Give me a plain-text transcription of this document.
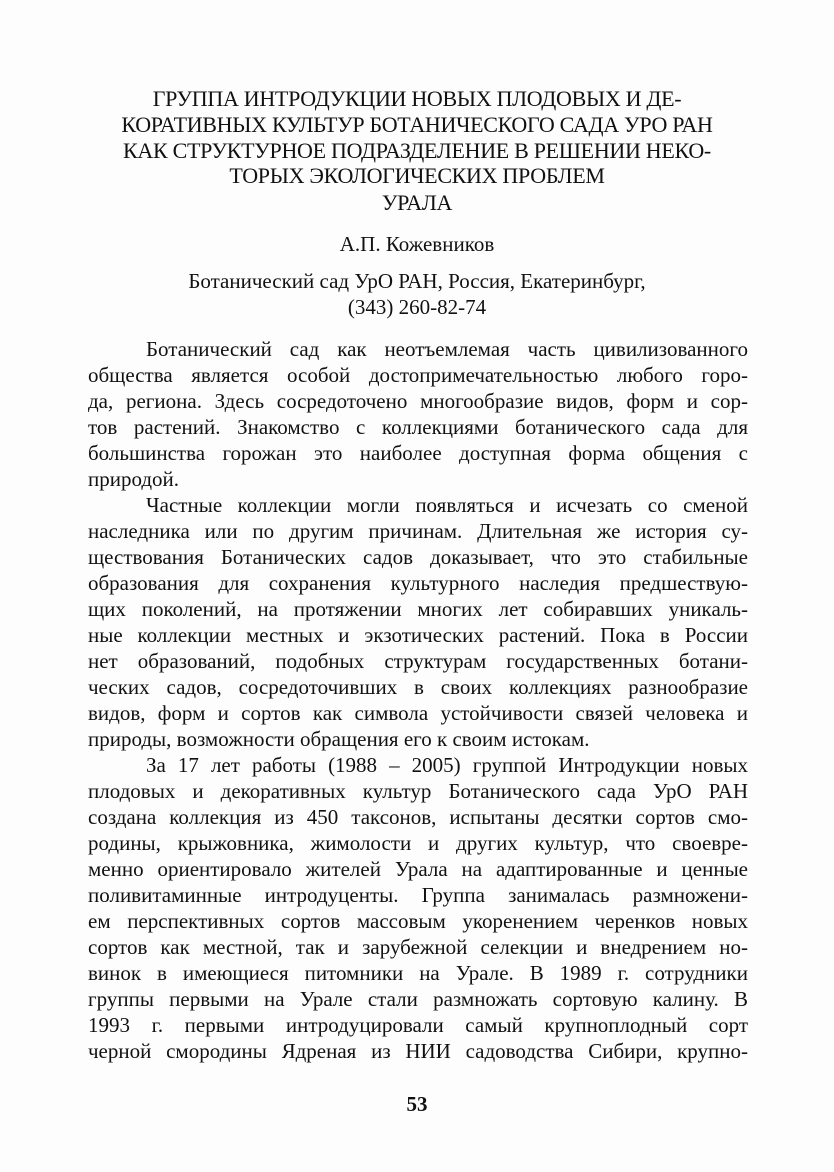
ГРУППА ИНТРОДУКЦИИ НОВЫХ ПЛОДОВЫХ И ДЕ-
КОРАТИВНЫХ КУЛЬТУР БОТАНИЧЕСКОГО САДА УРО РАН
КАК СТРУКТУРНОЕ ПОДРАЗДЕЛЕНИЕ В РЕШЕНИИ НЕКО-
ТОРЫХ ЭКОЛОГИЧЕСКИХ ПРОБЛЕМ
УРАЛА
А.П. Кожевников
Ботанический сад УрО РАН, Россия, Екатеринбург,
(343) 260-82-74
Ботанический сад как неотъемлемая часть цивилизованного
общества является особой достопримечательностью любого горо-
да, региона. Здесь сосредоточено многообразие видов, форм и сор-
тов растений. Знакомство с коллекциями ботанического сада для
большинства горожан это наиболее доступная форма общения с
природой.
Частные коллекции могли появляться и исчезать со сменой
наследника или по другим причинам. Длительная же история су-
ществования Ботанических садов доказывает, что это стабильные
образования для сохранения культурного наследия предшествую-
щих поколений, на протяжении многих лет собиравших уникаль-
ные коллекции местных и экзотических растений. Пока в России
нет образований, подобных структурам государственных ботани-
ческих садов, сосредоточивших в своих коллекциях разнообразие
видов, форм и сортов как символа устойчивости связей человека и
природы, возможности обращения его к своим истокам.
За 17 лет работы (1988 – 2005) группой Интродукции новых
плодовых и декоративных культур Ботанического сада УрО РАН
создана коллекция из 450 таксонов, испытаны десятки сортов смо-
родины, крыжовника, жимолости и других культур, что своевре-
менно ориентировало жителей Урала на адаптированные и ценные
поливитаминные интродуценты. Группа занималась размножени-
ем перспективных сортов массовым укоренением черенков новых
сортов как местной, так и зарубежной селекции и внедрением но-
винок в имеющиеся питомники на Урале. В 1989 г. сотрудники
группы первыми на Урале стали размножать сортовую калину. В
1993 г. первыми интродуцировали самый крупноплодный сорт
черной смородины Ядреная из НИИ садоводства Сибири, крупно-
53
